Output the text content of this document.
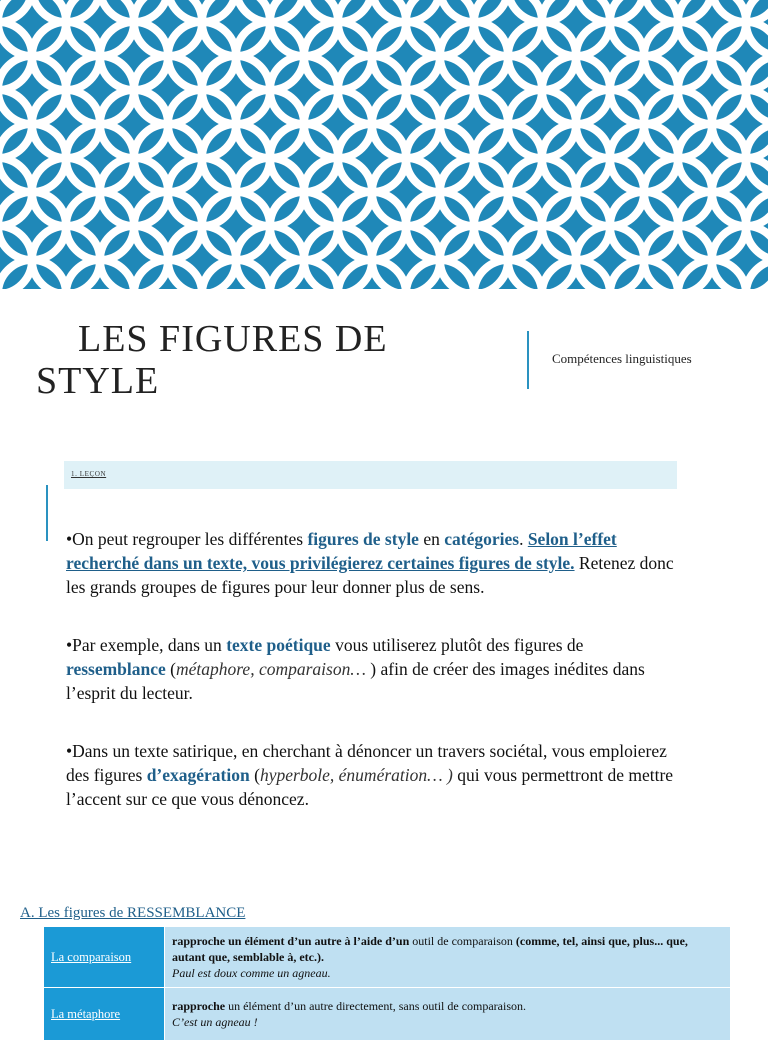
LES FIGURES DE
STYLE
Compétences linguistiques
1. LEÇON

•On peut regrouper les différentes figures de style en catégories. Selon l’effet recherché dans un texte, vous privilégierez certaines figures de style. Retenez donc les grands groupes de figures pour leur donner plus de sens.

•Par exemple, dans un texte poétique vous utiliserez plutôt des figures de ressemblance (métaphore, comparaison… ) afin de créer des images inédites dans l’esprit du lecteur.

•Dans un texte satirique, en cherchant à dénoncer un travers sociétal, vous emploierez des figures d’exagération (hyperbole, énumération… ) qui vous permettront de mettre l’accent sur ce que vous dénoncez.

A. Les figures de RESSEMBLANCE
La comparaison	rapproche un élément d’un autre à l’aide d’un outil de comparaison (comme, tel, ainsi que, plus... que, autant que, semblable à, etc.).
Paul est doux comme un agneau.

La métaphore	rapproche un élément d’un autre directement, sans outil de comparaison.
C’est un agneau !
